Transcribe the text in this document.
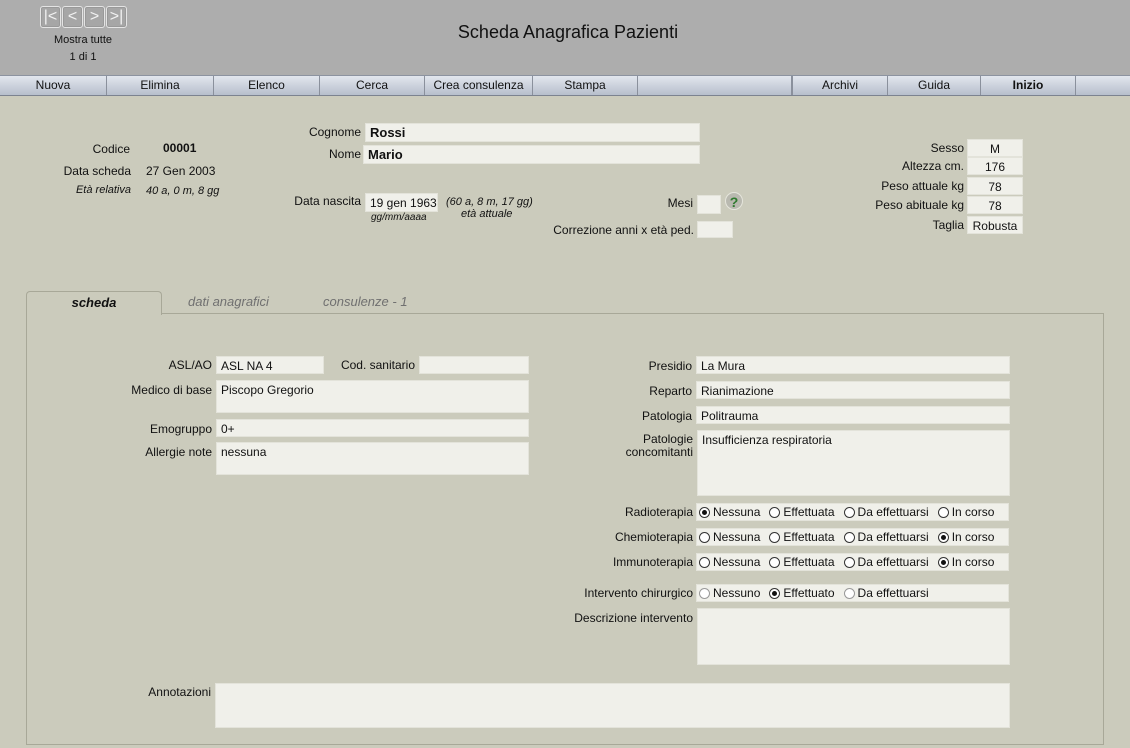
|< < > >|
Mostra tutte
1 di 1
Scheda Anagrafica Pazienti
Nuova	Elimina	Elenco	Cerca	Crea consulenza	Stampa	Archivi	Guida	Inizio
Codice	00001
Data scheda 27 Gen 2003
Età relativa 40 a, 0 m, 8 gg
Cognome Rossi
Nome Mario
Data nascita 19 gen 1963
gg/mm/aaaa
(60 a, 8 m, 17 gg)
età attuale
Mesi	?
Correzione anni x età ped.
Sesso	M
Altezza cm.	176
Peso attuale kg	78
Peso abituale kg	78
Taglia Robusta
scheda	dati anagrafici	consulenze - 1
ASL/AO ASL NA 4	Cod. sanitario
Medico di base Piscopo Gregorio
Emogruppo 0+
Allergie note nessuna
Presidio La Mura
Reparto Rianimazione
Patologia Politrauma
Patologie
concomitanti
Insufficienza respiratoria
Radioterapia Nessuna Effettuata Da effettuarsi In corso
Chemioterapia Nessuna Effettuata Da effettuarsi In corso
Immunoterapia Nessuna Effettuata Da effettuarsi In corso
Intervento chirurgico Nessuno Effettuato Da effettuarsi
Descrizione intervento
Annotazioni
